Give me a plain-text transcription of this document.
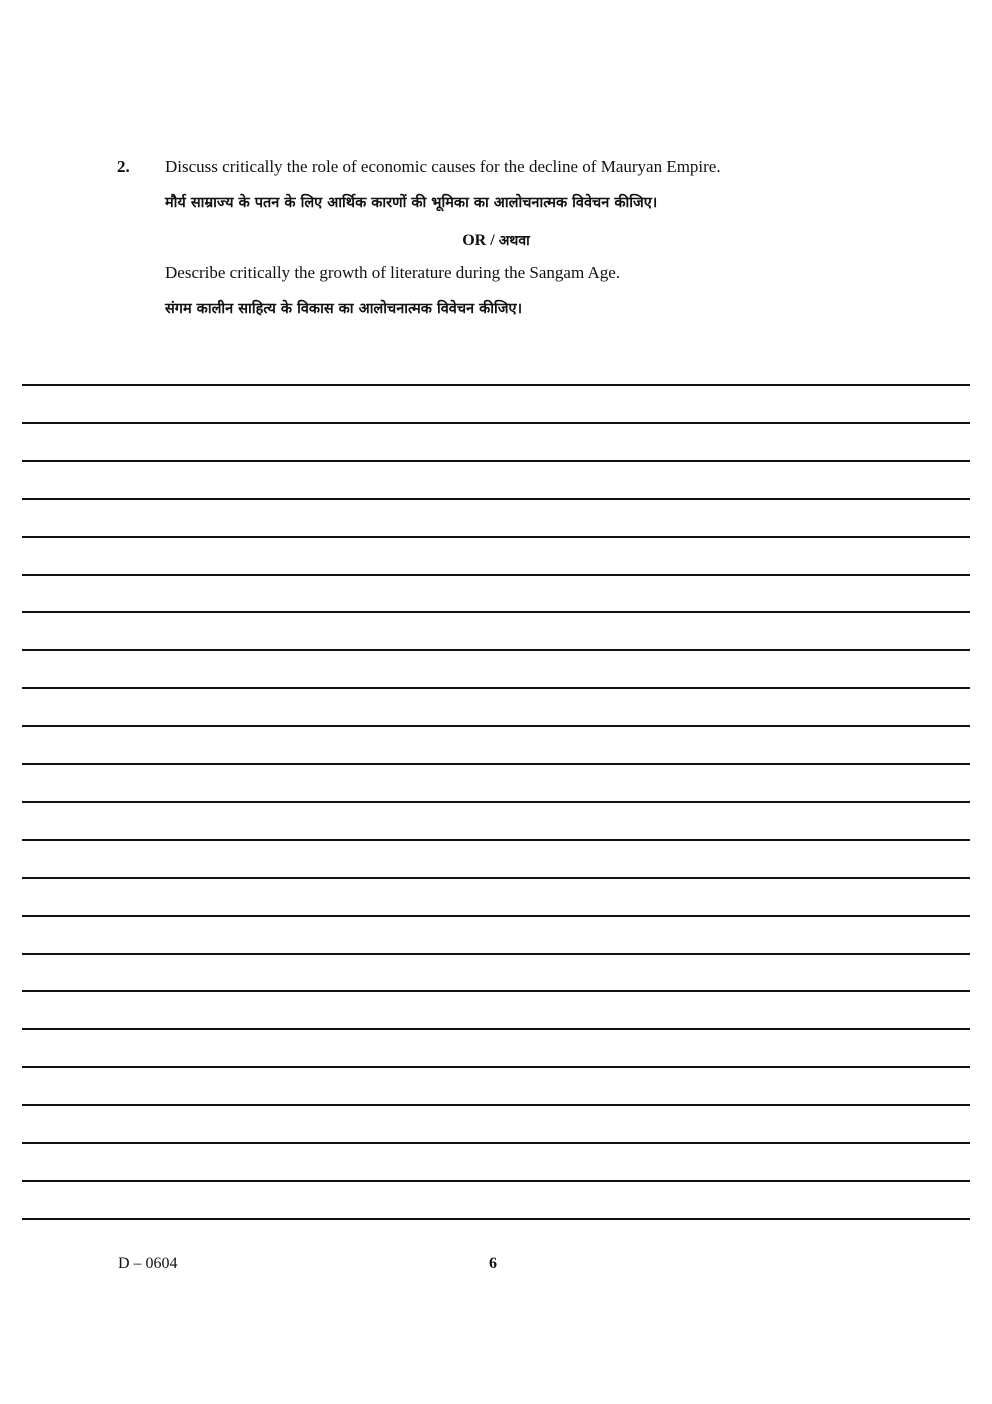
2. Discuss critically the role of economic causes for the decline of Mauryan Empire.
मौर्य साम्राज्य के पतन के लिए आर्थिक कारणों की भूमिका का आलोचनात्मक विवेचन कीजिए।
OR / अथवा
Describe critically the growth of literature during the Sangam Age.
संगम कालीन साहित्य के विकास का आलोचनात्मक विवेचन कीजिए।
D – 0604	6
